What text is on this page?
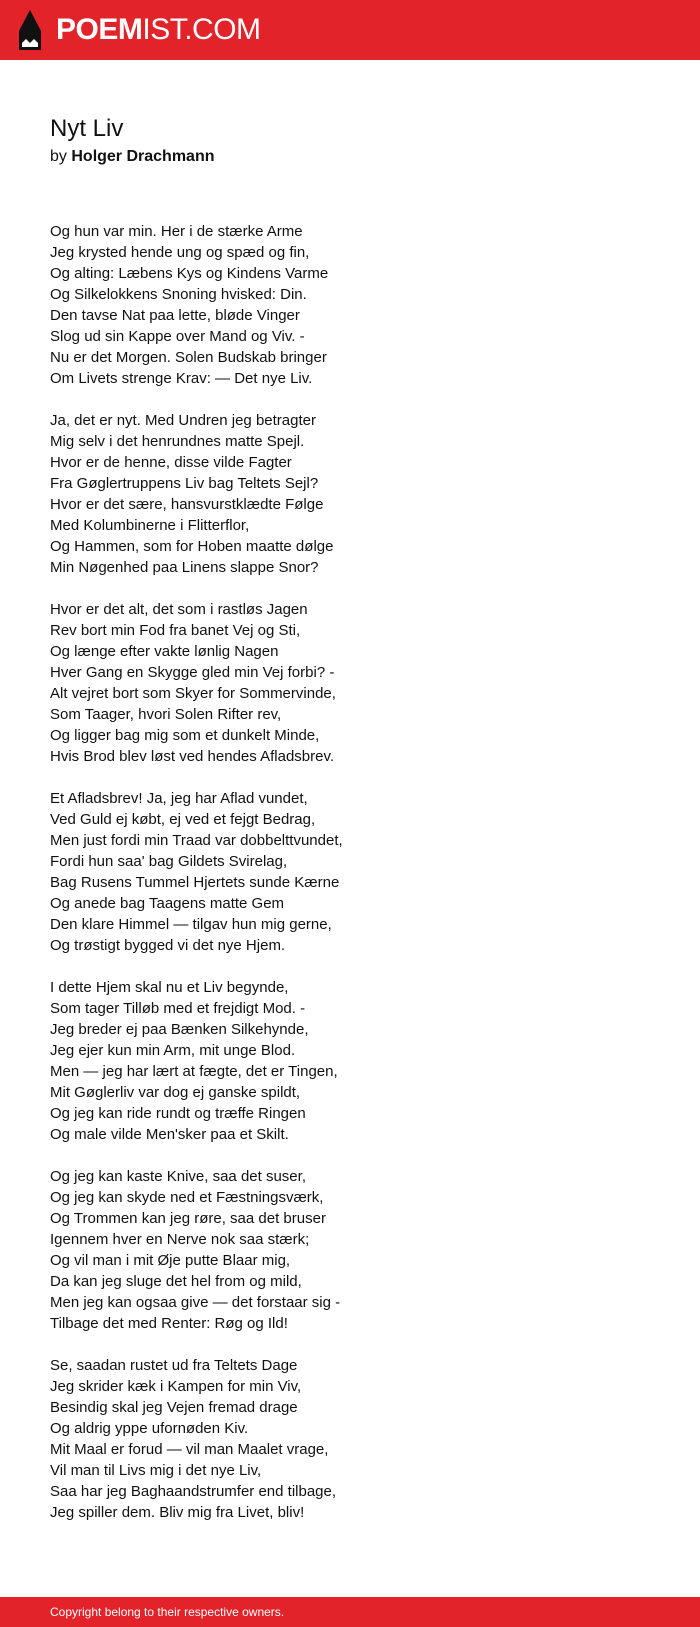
POEMIST.COM
Nyt Liv
by Holger Drachmann
Og hun var min. Her i de stærke Arme
Jeg krysted hende ung og spæd og fin,
Og alting: Læbens Kys og Kindens Varme
Og Silkelokkens Snoning hvisked: Din.
Den tavse Nat paa lette, bløde Vinger
Slog ud sin Kappe over Mand og Viv. -
Nu er det Morgen. Solen Budskab bringer
Om Livets strenge Krav: — Det nye Liv.
Ja, det er nyt. Med Undren jeg betragter
Mig selv i det henrundnes matte Spejl.
Hvor er de henne, disse vilde Fagter
Fra Gøglertruppens Liv bag Teltets Sejl?
Hvor er det sære, hansvurstklædte Følge
Med Kolumbinerne i Flitterflor,
Og Hammen, som for Hoben maatte dølge
Min Nøgenhed paa Linens slappe Snor?
Hvor er det alt, det som i rastløs Jagen
Rev bort min Fod fra banet Vej og Sti,
Og længe efter vakte lønlig Nagen
Hver Gang en Skygge gled min Vej forbi? -
Alt vejret bort som Skyer for Sommervinde,
Som Taager, hvori Solen Rifter rev,
Og ligger bag mig som et dunkelt Minde,
Hvis Brod blev løst ved hendes Afladsbrev.
Et Afladsbrev! Ja, jeg har Aflad vundet,
Ved Guld ej købt, ej ved et fejgt Bedrag,
Men just fordi min Traad var dobbelttvundet,
Fordi hun saa' bag Gildets Svirelag,
Bag Rusens Tummel Hjertets sunde Kærne
Og anede bag Taagens matte Gem
Den klare Himmel — tilgav hun mig gerne,
Og trøstigt bygged vi det nye Hjem.
I dette Hjem skal nu et Liv begynde,
Som tager Tilløb med et frejdigt Mod. -
Jeg breder ej paa Bænken Silkehynde,
Jeg ejer kun min Arm, mit unge Blod.
Men — jeg har lært at fægte, det er Tingen,
Mit Gøglerliv var dog ej ganske spildt,
Og jeg kan ride rundt og træffe Ringen
Og male vilde Men'sker paa et Skilt.
Og jeg kan kaste Knive, saa det suser,
Og jeg kan skyde ned et Fæstningsværk,
Og Trommen kan jeg røre, saa det bruser
Igennem hver en Nerve nok saa stærk;
Og vil man i mit Øje putte Blaar mig,
Da kan jeg sluge det hel from og mild,
Men jeg kan ogsaa give — det forstaar sig -
Tilbage det med Renter: Røg og Ild!
Se, saadan rustet ud fra Teltets Dage
Jeg skrider kæk i Kampen for min Viv,
Besindig skal jeg Vejen fremad drage
Og aldrig yppe ufornøden Kiv.
Mit Maal er forud — vil man Maalet vrage,
Vil man til Livs mig i det nye Liv,
Saa har jeg Baghaandstrumfer end tilbage,
Jeg spiller dem. Bliv mig fra Livet, bliv!
Copyright belong to their respective owners.
